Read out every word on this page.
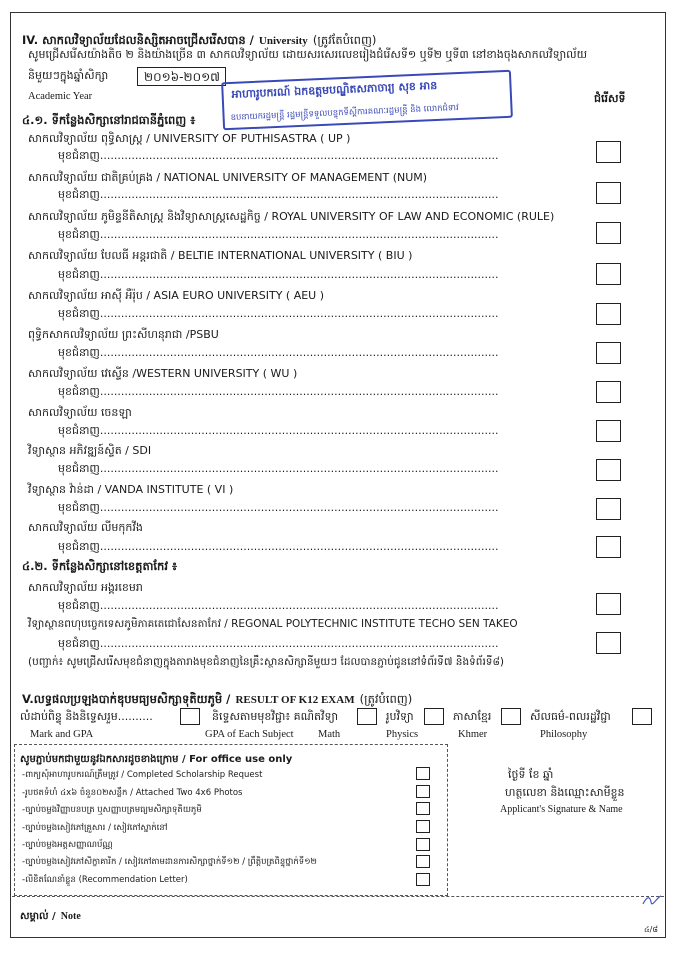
IV. សាកលវិទ្យាល័យដែលនិស្សិតអាចជ្រើសរើសបាន / University (ត្រូវតែបំពេញ)
សូមជ្រើសរើសយ៉ាងតិច ២ និងយ៉ាងច្រើន ៣ សាកលវិទ្យាល័យ ដោយសរសេរលេខរៀងជំរើសទី១ ឬទី២ ឬទី៣ នៅខាងចុងសាកលវិទ្យាល័យ
និមួយៗក្នុងឆ្នាំសិក្សា	២០១៦-២០១៧
Academic Year	ជំរើសទី
អាហារូបករណ៍ ឯកឧត្តមបណ្ឌិតសភាចារ្យ សុខ អាន
ឧបនាយករដ្ឋមន្ត្រី រដ្ឋមន្ត្រីទទួលបន្ទុកទីស្តីការគណៈរដ្ឋមន្ត្រី និង លោកជំទាវ
៤.១. ទីកន្លែងសិក្សានៅរាជធានីភ្នំពេញ ៖
សាកលវិទ្យាល័យ ពុទ្ធិសាស្ត្រ / UNIVERSITY OF PUTHISASTRA ( UP )
មុខជំនាញ..................................................................................................................
សាកលវិទ្យាល័យ ជាតិគ្រប់គ្រង / NATIONAL UNIVERSITY OF MANAGEMENT (NUM)
មុខជំនាញ..................................................................................................................
សាកលវិទ្យាល័យ ភូមិន្ទនីតិសាស្ត្រ និងវិទ្យាសាស្ត្រសេដ្ឋកិច្ច / ROYAL UNIVERSITY OF LAW AND ECONOMIC (RULE)
មុខជំនាញ..................................................................................................................
សាកលវិទ្យាល័យ បែលធី អន្តរជាតិ / BELTIE INTERNATIONAL UNIVERSITY ( BIU )
មុខជំនាញ..................................................................................................................
សាកលវិទ្យាល័យ អាស៊ី អឺរ៉ុប / ASIA EURO UNIVERSITY ( AEU )
មុខជំនាញ..................................................................................................................
ពុទ្ធិកសាកលវិទ្យាល័យ ព្រះសីហនុរាជា /PSBU
មុខជំនាញ..................................................................................................................
សាកលវិទ្យាល័យ វេស្ទើន /WESTERN UNIVERSITY ( WU )
មុខជំនាញ..................................................................................................................
សាកលវិទ្យាល័យ ចេនឡា
មុខជំនាញ..................................................................................................................
វិទ្យាស្ថាន អភិវឌ្ឍន៍ស្ទិត / SDI
មុខជំនាញ..................................................................................................................
វិទ្យាស្ថាន វ៉ាន់ដា / VANDA INSTITUTE ( VI )
មុខជំនាញ..................................................................................................................
សាកលវិទ្យាល័យ លីមកុកវីង
មុខជំនាញ..................................................................................................................
៤.២. ទីកន្លែងសិក្សានៅខេត្តតាកែវ ៖
សាកលវិទ្យាល័យ អង្គរខេមរា
មុខជំនាញ..................................................................................................................
វិទ្យាស្ថានពហុបច្ចេកទេសភូមិភាគតេជោសែនតាកែវ / REGONAL POLYTECHNIC INSTITUTE TECHO SEN TAKEO
មុខជំនាញ..................................................................................................................
(បញ្ជាក់៖ សូមជ្រើសរើសមុខជំនាញក្នុងតារាងមុខជំនាញនៃគ្រឹះស្ថានសិក្សានីមួយៗ ដែលបានភ្ជាប់ជូននៅទំព័រទី៧ និងទំព័រទី៨)
V.លទ្ធផលប្រឡងបាក់ឌុបមធ្យមសិក្សាទុតិយភូមិ / RESULT OF K12 EXAM (ត្រូវបំពេញ)
លំដាប់ពិន្ទុ និងនិទ្ទេសរួម..........
Mark and GPA
និទ្ទេសតាមមុខវិជ្ជា៖ គណិតវិទ្យា
GPA of Each Subject Math
រូបវិទ្យា
Physics
ភាសាខ្មែរ
Khmer
សីលធម៌-ពលរដ្ឋវិជ្ជា
Philosophy
សូមភ្ជាប់មកជាមួយនូវឯកសារដូចខាងក្រោម / For office use only
-ពាក្យសុំអាហារូបករណ៍ត្រឹមត្រូវ / Completed Scholarship Request
-រូបថតទំហំ ៤x៦ ចំនួន០២សន្លឹក / Attached Two 4x6 Photos
-ច្បាប់ចម្លងវិញ្ញាបនបត្រ ឬសញ្ញាបត្រមធ្យមសិក្សាទុតិយភូមិ
-ច្បាប់ចម្លងសៀវភៅគ្រួសារ / សៀវភៅស្នាក់នៅ
-ច្បាប់ចម្លងអត្តសញ្ញាណប័ណ្ណ
-ច្បាប់ចម្លងសៀវភៅសិក្ខាគារិក / សៀវភៅតាមដានការសិក្សាថ្នាក់ទី១២ / ព្រឹត្តិបត្រពិន្ទុថ្នាក់ទី១២
-លិខិតណែនាំខ្លួន (Recommendation Letter)
ថ្ងៃទី ខែ ឆ្នាំ
ហត្ថលេខា និងឈ្មោះសាមីខ្លួន
Applicant's Signature & Name
សម្គាល់ / Note
៤/៨
